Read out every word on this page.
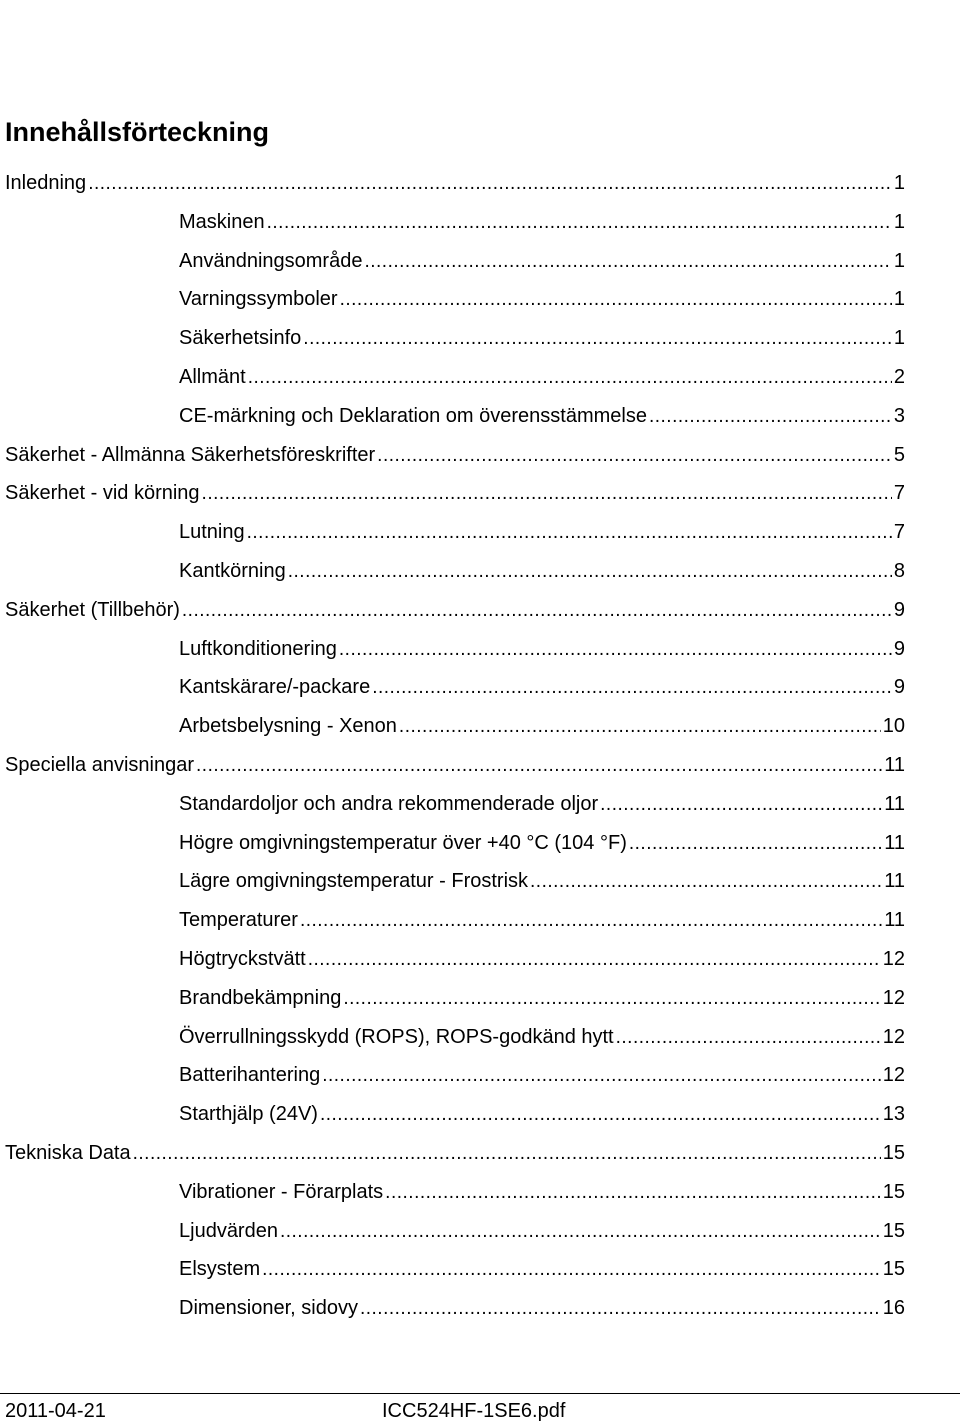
Innehållsförteckning
Inledning .....	1
Maskinen .....	1
Användningsområde .....	1
Varningssymboler .....	1
Säkerhetsinfo .....	1
Allmänt .....	2
CE-märkning och Deklaration om överensstämmelse .....	3
Säkerhet - Allmänna Säkerhetsföreskrifter .....	5
Säkerhet - vid körning .....	7
Lutning .....	7
Kantkörning .....	8
Säkerhet (Tillbehör) .....	9
Luftkonditionering .....	9
Kantskärare/-packare .....	9
Arbetsbelysning - Xenon .....	10
Speciella anvisningar .....	11
Standardoljor och andra rekommenderade oljor .....	11
Högre omgivningstemperatur över +40 °C (104 °F) .....	11
Lägre omgivningstemperatur - Frostrisk .....	11
Temperaturer .....	11
Högtryckstvätt .....	12
Brandbekämpning .....	12
Överrullningsskydd (ROPS), ROPS-godkänd hytt .....	12
Batterihantering .....	12
Starthjälp (24V) .....	13
Tekniska Data .....	15
Vibrationer - Förarplats .....	15
Ljudvärden .....	15
Elsystem .....	15
Dimensioner, sidovy .....	16
2011-04-21	ICC524HF-1SE6.pdf
